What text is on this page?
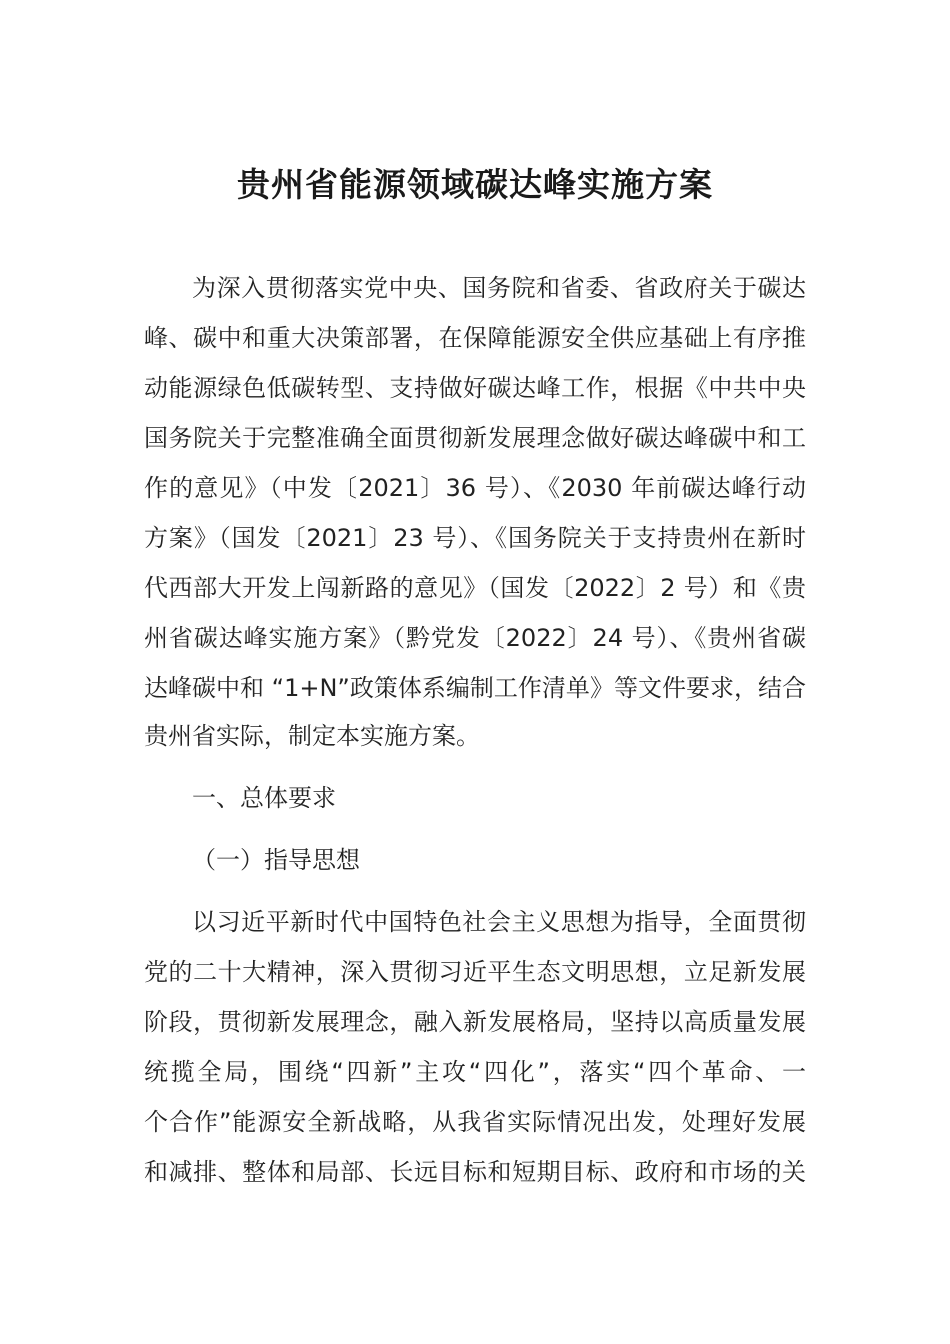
贵州省能源领域碳达峰实施方案
为深入贯彻落实党中央、国务院和省委、省政府关于碳达
峰、碳中和重大决策部署，在保障能源安全供应基础上有序推
动能源绿色低碳转型、支持做好碳达峰工作，根据《中共中央
国务院关于完整准确全面贯彻新发展理念做好碳达峰碳中和工
作的意见》（中发〔2021〕36 号）、《2030 年前碳达峰行动
方案》（国发〔2021〕23 号）、《国务院关于支持贵州在新时
代西部大开发上闯新路的意见》（国发〔2022〕2 号）和《贵
州省碳达峰实施方案》（黔党发〔2022〕24 号）、《贵州省碳
达峰碳中和 “1+N”政策体系编制工作清单》等文件要求，结合
贵州省实际，制定本实施方案。
一、总体要求
（一）指导思想
以习近平新时代中国特色社会主义思想为指导，全面贯彻
党的二十大精神，深入贯彻习近平生态文明思想，立足新发展
阶段，贯彻新发展理念，融入新发展格局，坚持以高质量发展
统揽全局，围绕“四新”主攻“四化”，落实“四个革命、一
个合作”能源安全新战略，从我省实际情况出发，处理好发展
和减排、整体和局部、长远目标和短期目标、政府和市场的关
